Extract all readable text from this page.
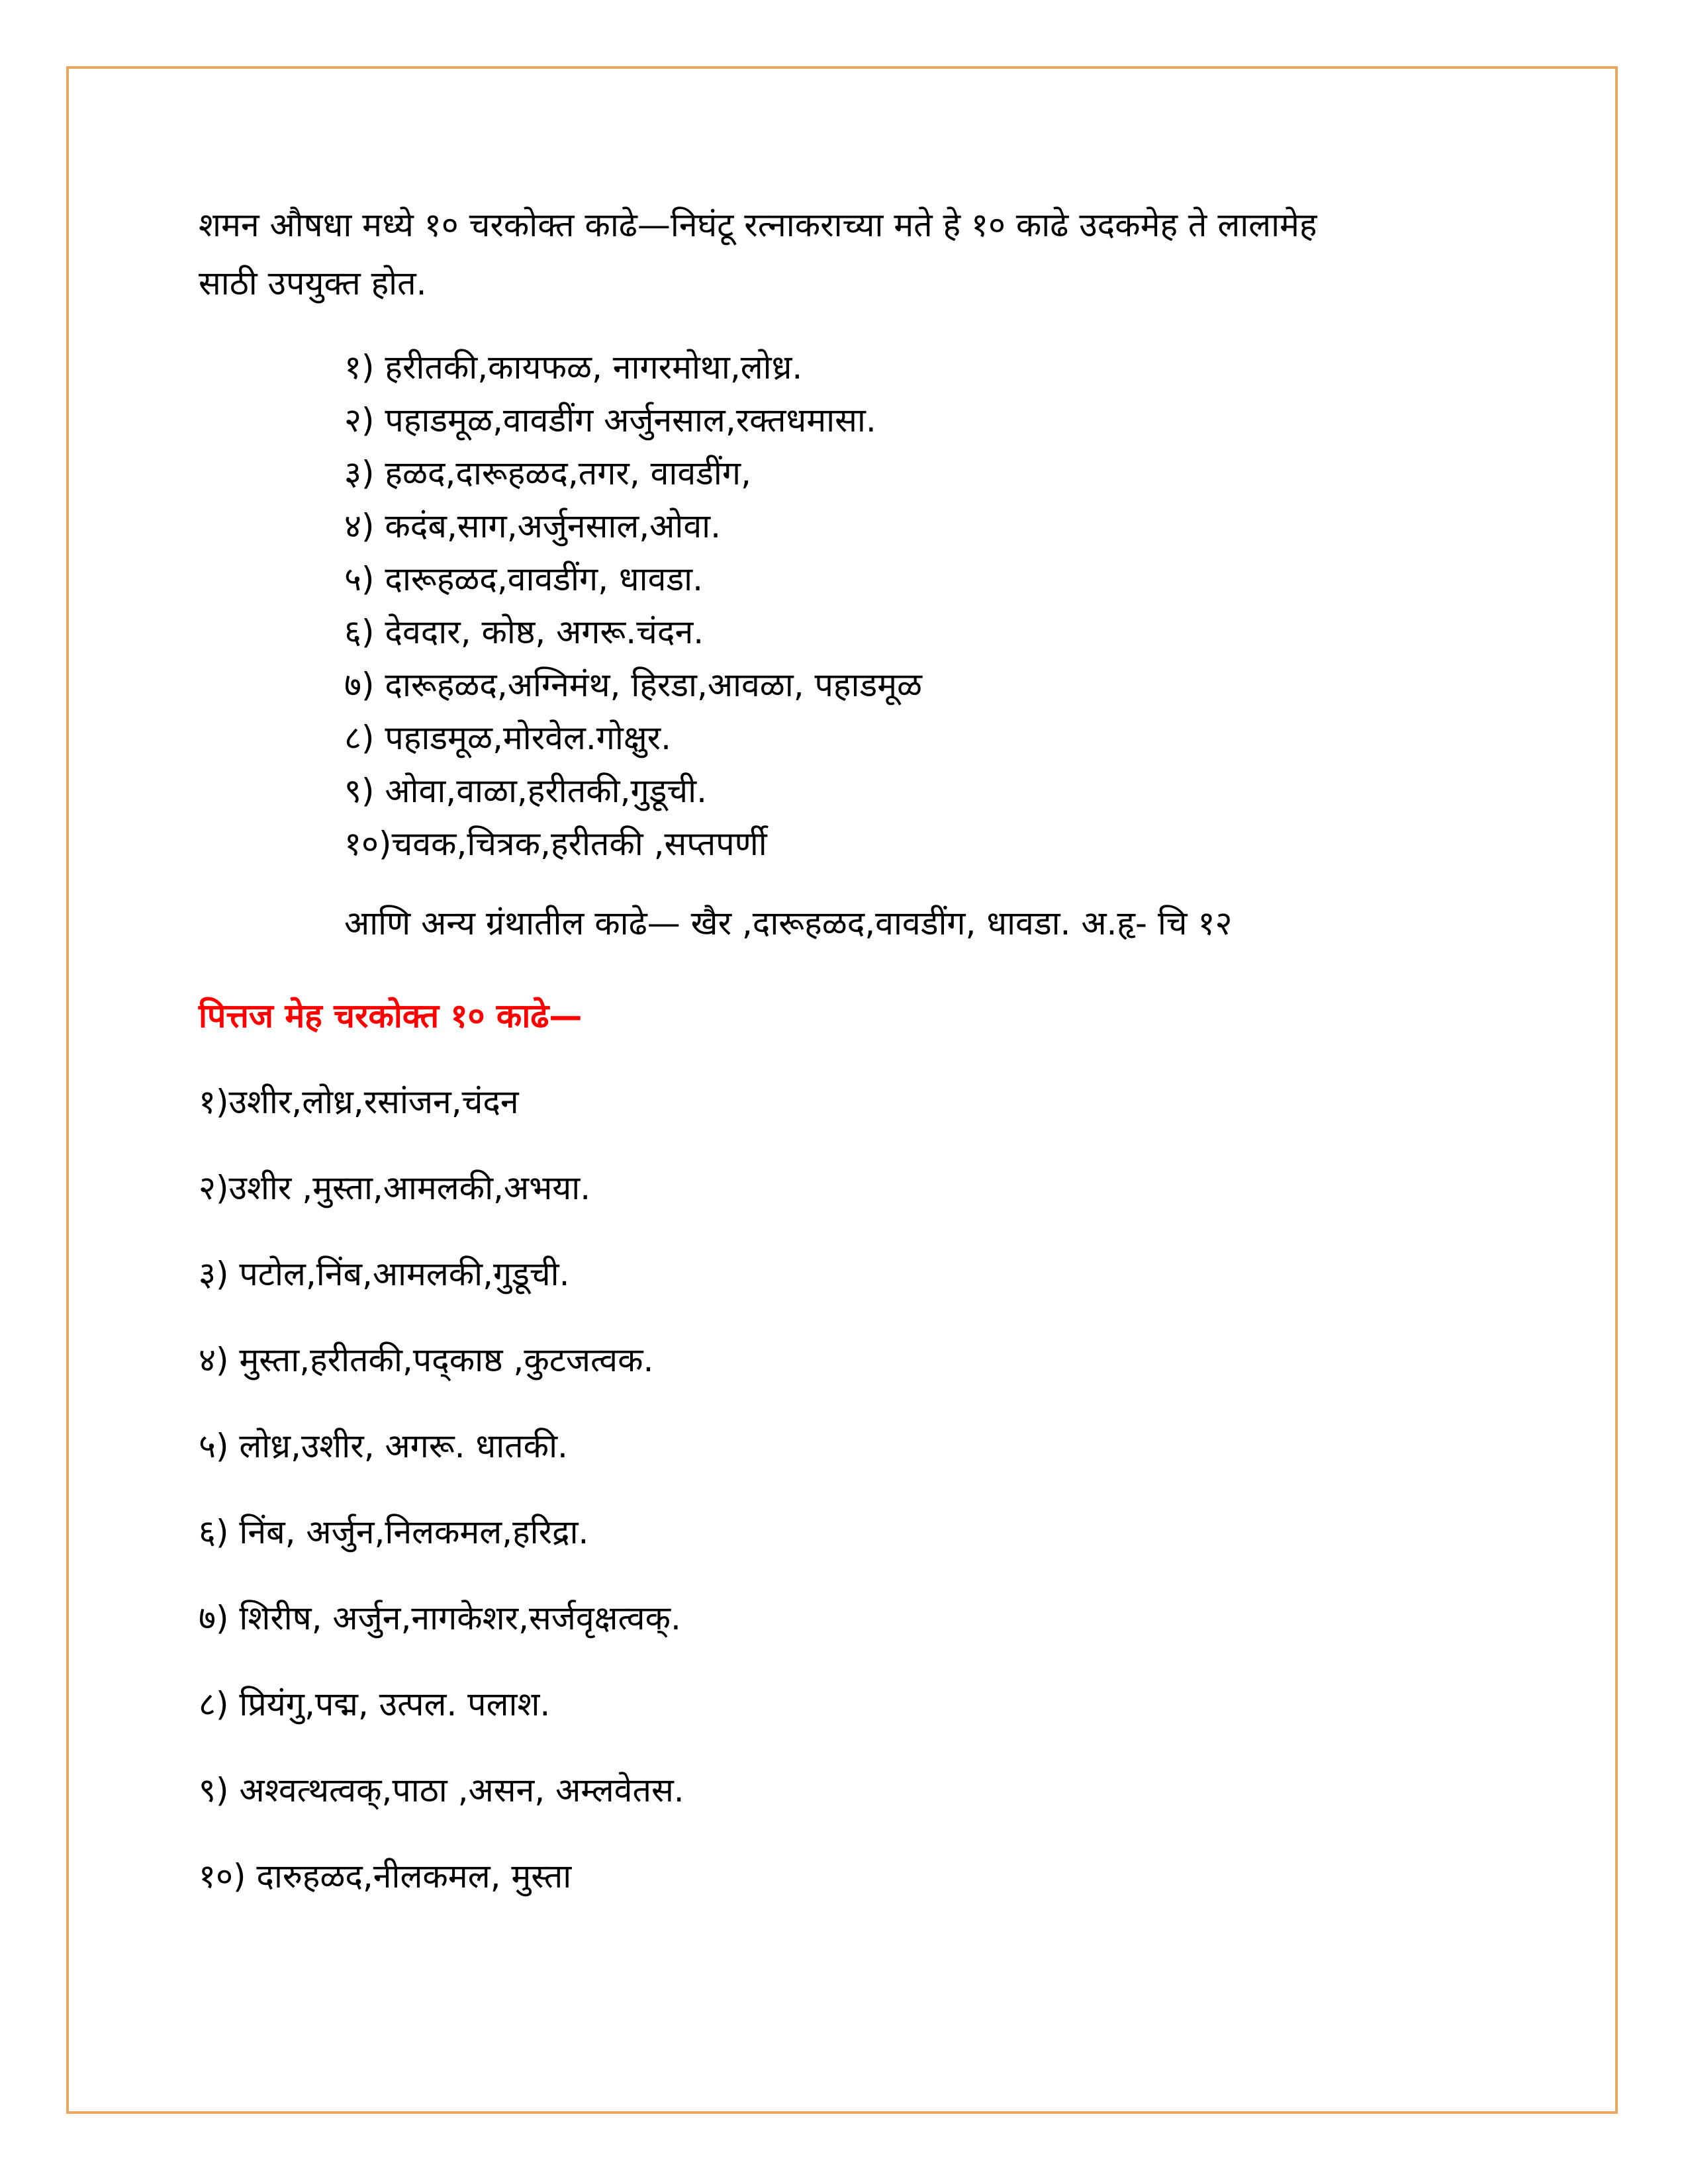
शमन औषधा मध्ये १० चरकोक्त काढे—निघंटू रत्नाकराच्या मते हे १० काढे उदकमेह ते लालामेह
साठी उपयुक्त होत.
१) हरीतकी,कायफळ, नागरमोथा,लोध्र.
२) पहाडमूळ,वावडींग अर्जुनसाल,रक्तधमासा.
३) हळद,दारूहळद,तगर, वावडींग,
४) कदंब,साग,अर्जुनसाल,ओवा.
५) दारूहळद,वावडींग, धावडा.
६) देवदार, कोष्ठ, अगरू.चंदन.
७) दारूहळद,अग्निमंथ, हिरडा,आवळा, पहाडमूळ
८) पहाडमूळ,मोरवेल.गोक्षुर.
९) ओवा,वाळा,हरीतकी,गुडूची.
१०)चवक,चित्रक,हरीतकी ,सप्तपर्णी
आणि अन्य ग्रंथातील काढे— खैर ,दारूहळद,वावडींग, धावडा. अ.हृ- चि १२
पित्तज मेह चरकोक्त १० काढे—
१)उशीर,लोध्र,रसांजन,चंदन
२)उशीर ,मुस्ता,आमलकी,अभया.
३) पटोल,निंब,आमलकी,गुडूची.
४) मुस्ता,हरीतकी,पद्काष्ठ ,कुटजत्वक.
५) लोध्र,उशीर, अगरू. धातकी.
६) निंब, अर्जुन,निलकमल,हरिद्रा.
७) शिरीष, अर्जुन,नागकेशर,सर्जवृक्षत्वक्.
८) प्रियंगु,पद्म, उत्पल. पलाश.
९) अश्वत्थत्वक्,पाठा ,असन, अम्लवेतस.
१०) दारुहळद,नीलकमल, मुस्ता
